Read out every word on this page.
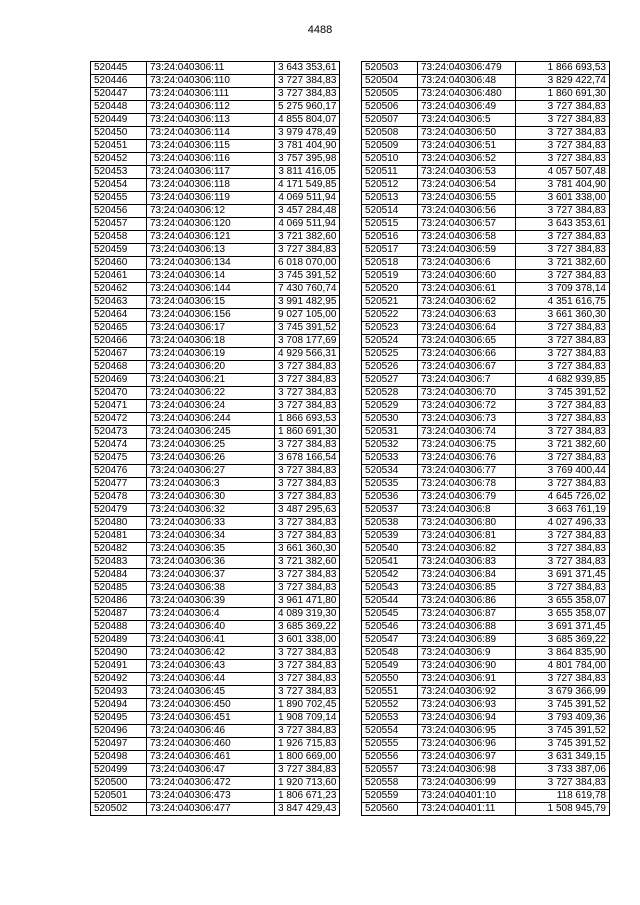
4488
520445	73:24:040306:11	3 643 353,61
520446	73:24:040306:110	3 727 384,83
520447	73:24:040306:111	3 727 384,83
520448	73:24:040306:112	5 275 960,17
520449	73:24:040306:113	4 855 804,07
520450	73:24:040306:114	3 979 478,49
520451	73:24:040306:115	3 781 404,90
520452	73:24:040306:116	3 757 395,98
520453	73:24:040306:117	3 811 416,05
520454	73:24:040306:118	4 171 549,85
520455	73:24:040306:119	4 069 511,94
520456	73:24:040306:12	3 457 284,48
520457	73:24:040306:120	4 069 511,94
520458	73:24:040306:121	3 721 382,60
520459	73:24:040306:13	3 727 384,83
520460	73:24:040306:134	6 018 070,00
520461	73:24:040306:14	3 745 391,52
520462	73:24:040306:144	7 430 760,74
520463	73:24:040306:15	3 991 482,95
520464	73:24:040306:156	9 027 105,00
520465	73:24:040306:17	3 745 391,52
520466	73:24:040306:18	3 708 177,69
520467	73:24:040306:19	4 929 566,31
520468	73:24:040306:20	3 727 384,83
520469	73:24:040306:21	3 727 384,83
520470	73:24:040306:22	3 727 384,83
520471	73:24:040306:24	3 727 384,83
520472	73:24:040306:244	1 866 693,53
520473	73:24:040306:245	1 860 691,30
520474	73:24:040306:25	3 727 384,83
520475	73:24:040306:26	3 678 166,54
520476	73:24:040306:27	3 727 384,83
520477	73:24:040306:3	3 727 384,83
520478	73:24:040306:30	3 727 384,83
520479	73:24:040306:32	3 487 295,63
520480	73:24:040306:33	3 727 384,83
520481	73:24:040306:34	3 727 384,83
520482	73:24:040306:35	3 661 360,30
520483	73:24:040306:36	3 721 382,60
520484	73:24:040306:37	3 727 384,83
520485	73:24:040306:38	3 727 384,83
520486	73:24:040306:39	3 961 471,80
520487	73:24:040306:4	4 089 319,30
520488	73:24:040306:40	3 685 369,22
520489	73:24:040306:41	3 601 338,00
520490	73:24:040306:42	3 727 384,83
520491	73:24:040306:43	3 727 384,83
520492	73:24:040306:44	3 727 384,83
520493	73:24:040306:45	3 727 384,83
520494	73:24:040306:450	1 890 702,45
520495	73:24:040306:451	1 908 709,14
520496	73:24:040306:46	3 727 384,83
520497	73:24:040306:460	1 926 715,83
520498	73:24:040306:461	1 800 669,00
520499	73:24:040306:47	3 727 384,83
520500	73:24:040306:472	1 920 713,60
520501	73:24:040306:473	1 806 671,23
520502	73:24:040306:477	3 847 429,43
520503	73:24:040306:479	1 866 693,53
520504	73:24:040306:48	3 829 422,74
520505	73:24:040306:480	1 860 691,30
520506	73:24:040306:49	3 727 384,83
520507	73:24:040306:5	3 727 384,83
520508	73:24:040306:50	3 727 384,83
520509	73:24:040306:51	3 727 384,83
520510	73:24:040306:52	3 727 384,83
520511	73:24:040306:53	4 057 507,48
520512	73:24:040306:54	3 781 404,90
520513	73:24:040306:55	3 601 338,00
520514	73:24:040306:56	3 727 384,83
520515	73:24:040306:57	3 643 353,61
520516	73:24:040306:58	3 727 384,83
520517	73:24:040306:59	3 727 384,83
520518	73:24:040306:6	3 721 382,60
520519	73:24:040306:60	3 727 384,83
520520	73:24:040306:61	3 709 378,14
520521	73:24:040306:62	4 351 616,75
520522	73:24:040306:63	3 661 360,30
520523	73:24:040306:64	3 727 384,83
520524	73:24:040306:65	3 727 384,83
520525	73:24:040306:66	3 727 384,83
520526	73:24:040306:67	3 727 384,83
520527	73:24:040306:7	4 682 939,85
520528	73:24:040306:70	3 745 391,52
520529	73:24:040306:72	3 727 384,83
520530	73:24:040306:73	3 727 384,83
520531	73:24:040306:74	3 727 384,83
520532	73:24:040306:75	3 721 382,60
520533	73:24:040306:76	3 727 384,83
520534	73:24:040306:77	3 769 400,44
520535	73:24:040306:78	3 727 384,83
520536	73:24:040306:79	4 645 726,02
520537	73:24:040306:8	3 663 761,19
520538	73:24:040306:80	4 027 496,33
520539	73:24:040306:81	3 727 384,83
520540	73:24:040306:82	3 727 384,83
520541	73:24:040306:83	3 727 384,83
520542	73:24:040306:84	3 691 371,45
520543	73:24:040306:85	3 727 384,83
520544	73:24:040306:86	3 655 358,07
520545	73:24:040306:87	3 655 358,07
520546	73:24:040306:88	3 691 371,45
520547	73:24:040306:89	3 685 369,22
520548	73:24:040306:9	3 864 835,90
520549	73:24:040306:90	4 801 784,00
520550	73:24:040306:91	3 727 384,83
520551	73:24:040306:92	3 679 366,99
520552	73:24:040306:93	3 745 391,52
520553	73:24:040306:94	3 793 409,36
520554	73:24:040306:95	3 745 391,52
520555	73:24:040306:96	3 745 391,52
520556	73:24:040306:97	3 631 349,15
520557	73:24:040306:98	3 733 387,06
520558	73:24:040306:99	3 727 384,83
520559	73:24:040401:10	118 619,78
520560	73:24:040401:11	1 508 945,79
